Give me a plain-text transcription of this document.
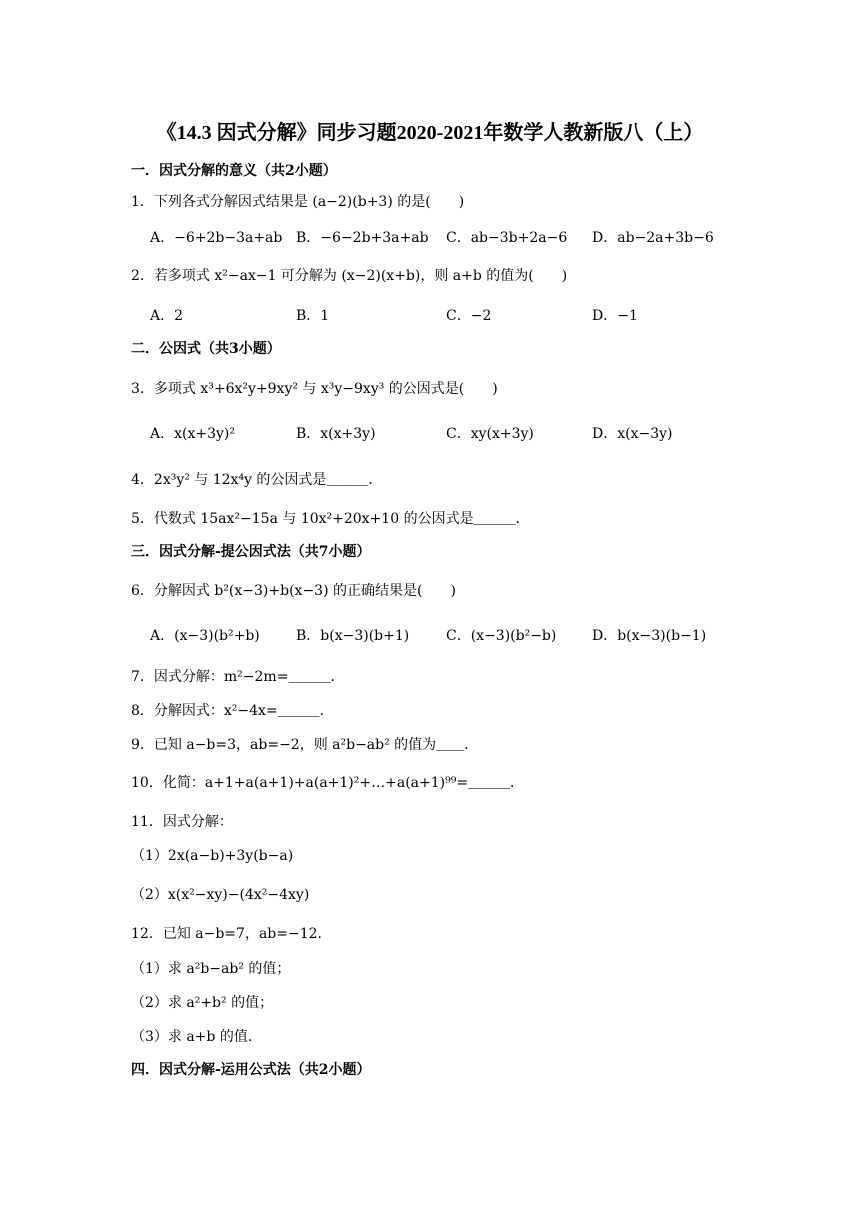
《14.3 因式分解》同步习题2020-2021年数学人教新版八（上）
一．因式分解的意义（共2小题）
1．下列各式分解因式结果是 (a−2)(b+3) 的是(　　)
A．−6+2b−3a+ab B．−6−2b+3a+ab C．ab−3b+2a−6 D．ab−2a+3b−6
2．若多项式 x²−ax−1 可分解为 (x−2)(x+b)，则 a+b 的值为(　　)
A．2	B．1	C．−2	D．−1
二．公因式（共3小题）
3．多项式 x³+6x²y+9xy² 与 x³y−9xy³ 的公因式是(　　)
A．x(x+3y)²	B．x(x+3y)	C．xy(x+3y)	D．x(x−3y)
4．2x³y² 与 12x⁴y 的公因式是＿＿＿．
5．代数式 15ax²−15a 与 10x²+20x+10 的公因式是＿＿＿．
三．因式分解-提公因式法（共7小题）
6．分解因式 b²(x−3)+b(x−3) 的正确结果是(　　)
A．(x−3)(b²+b)	B．b(x−3)(b+1)	C．(x−3)(b²−b)	D．b(x−3)(b−1)
7．因式分解：m²−2m=＿＿＿．
8．分解因式：x²−4x=＿＿＿．
9．已知 a−b=3，ab=−2，则 a²b−ab² 的值为＿＿．
10．化简：a+1+a(a+1)+a(a+1)²+…+a(a+1)⁹⁹=＿＿＿．
11．因式分解：
（1）2x(a−b)+3y(b−a)
（2）x(x²−xy)−(4x²−4xy)
12．已知 a−b=7，ab=−12．
（1）求 a²b−ab² 的值；
（2）求 a²+b² 的值；
（3）求 a+b 的值．
四．因式分解-运用公式法（共2小题）
